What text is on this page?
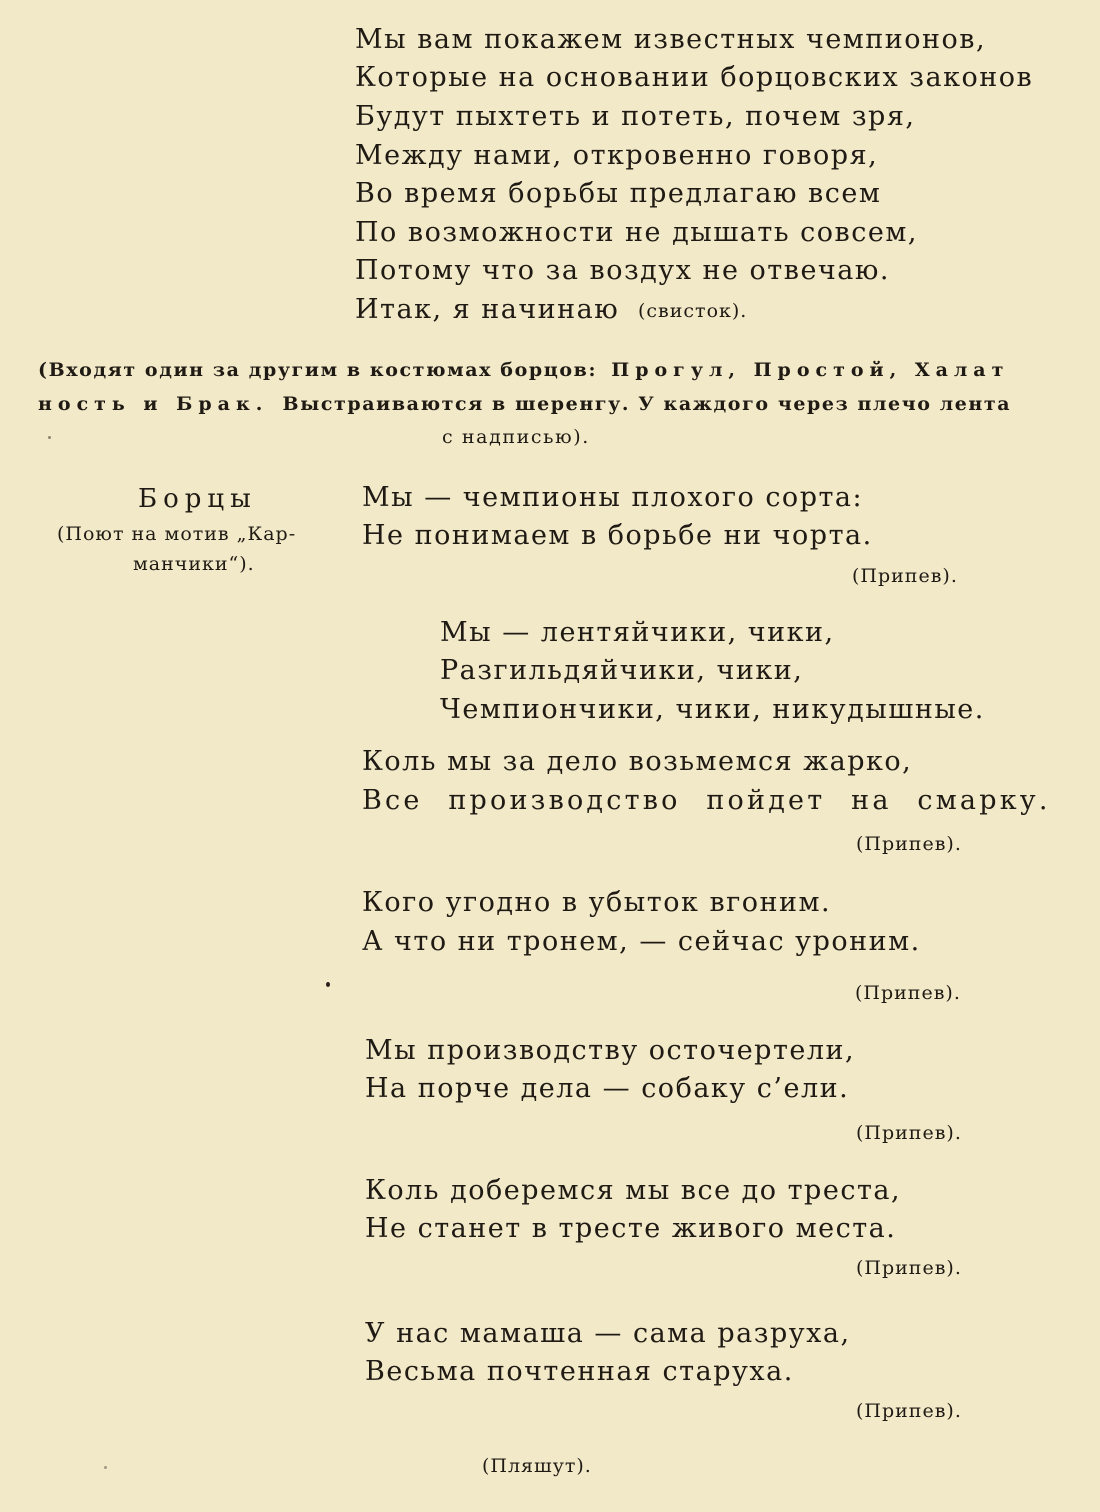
Мы вам покажем известных чемпионов,
Которые на основании борцовских законов
Будут пыхтеть и потеть, почем зря,
Между нами, откровенно говоря,
Во время борьбы предлагаю всем
По возможности не дышать совсем,
Потому что за воздух не отвечаю.
Итак, я начинаю (свисток).
(Входят один за другим в костюмах борцов: Прогул, Простой, Халат
ность и Брак. Выстраиваются в шеренгу. У каждого через плечо лента
с надписью).
Борцы
(Поют на мотив „Кар-
манчики“).
Мы — чемпионы плохого сорта:
Не понимаем в борьбе ни чорта.
(Припев).
Мы — лентяйчики, чики,
Разгильдяйчики, чики,
Чемпиончики, чики, никудышные.
Коль мы за дело возьмемся жарко,
Все производство пойдет на смарку.
(Припев).
Кого угодно в убыток вгоним.
А что ни тронем, — сейчас уроним.
(Припев).
Мы производству осточертели,
На порче дела — собаку с’ели.
(Припев).
Коль доберемся мы все до треста,
Не станет в тресте живого места.
(Припев).
У нас мамаша — сама разруха,
Весьма почтенная старуха.
(Припев).
(Пляшут).
